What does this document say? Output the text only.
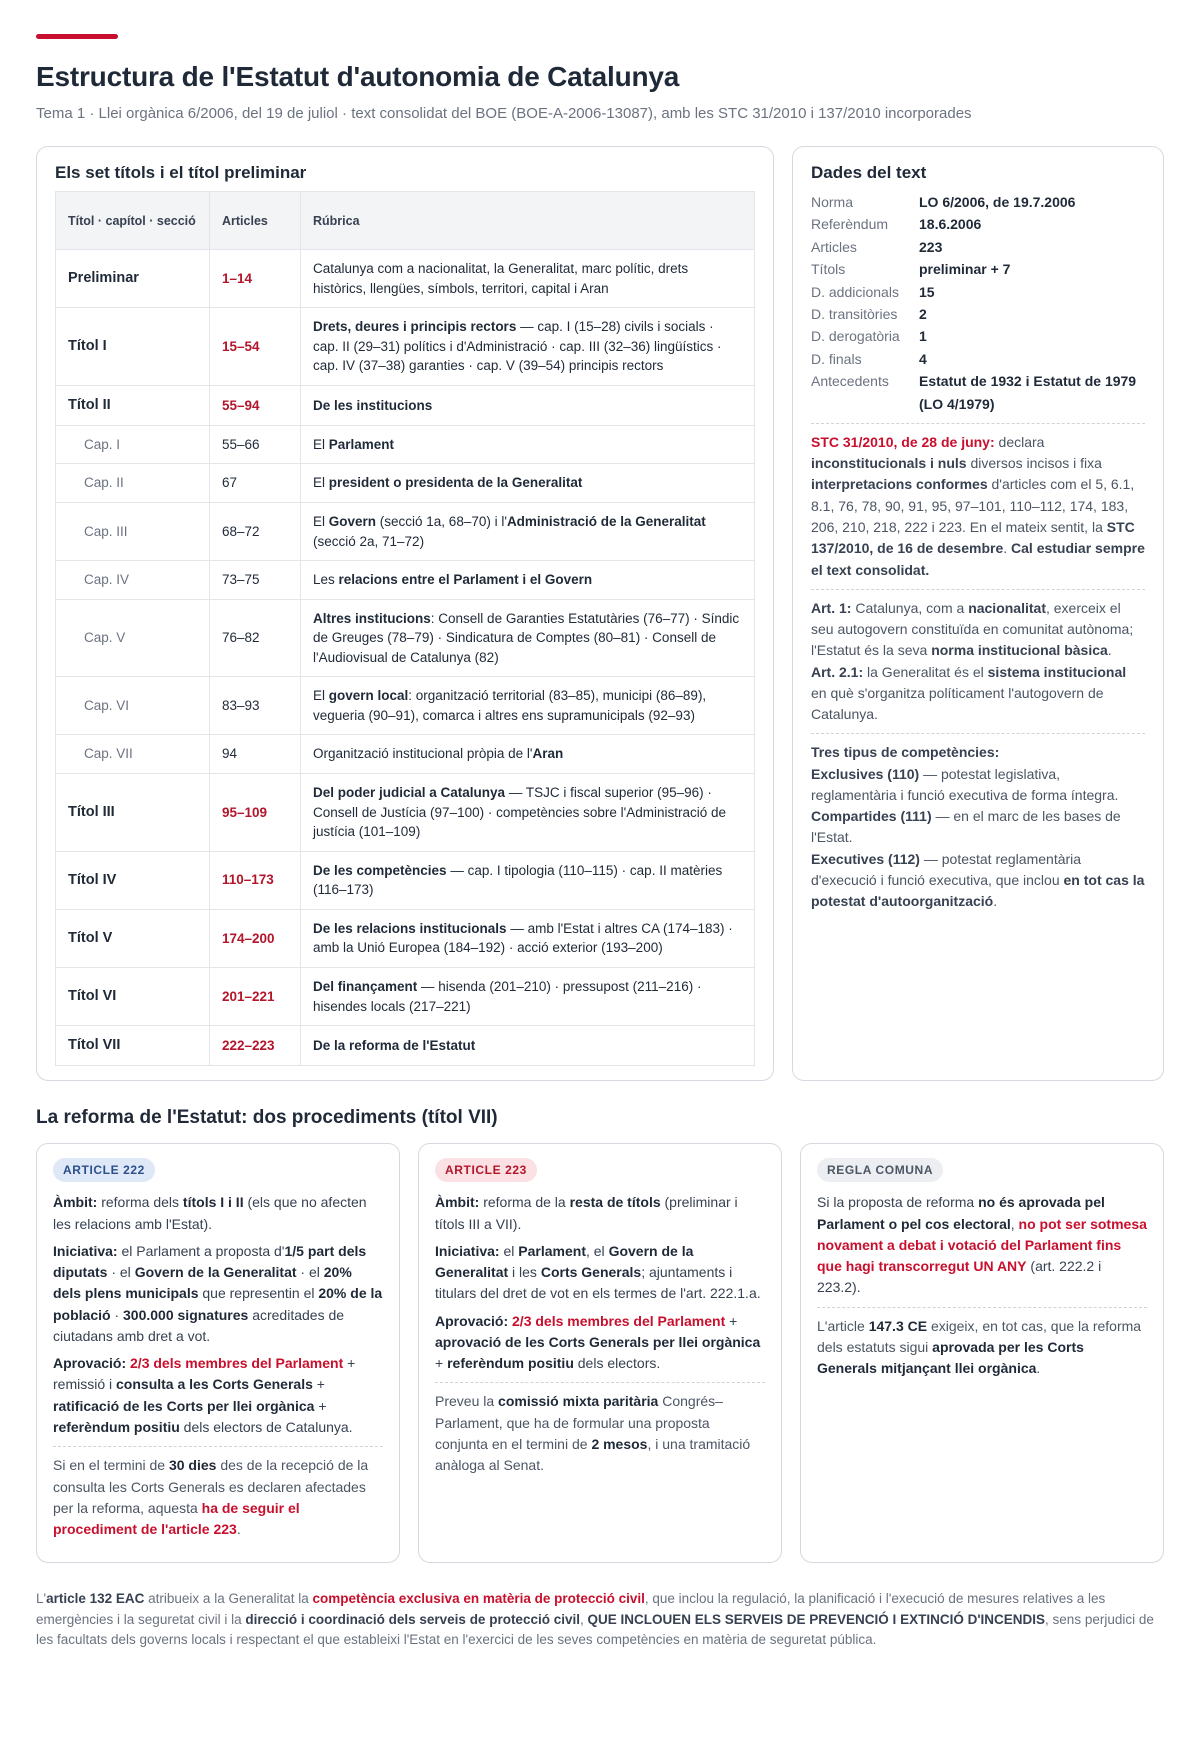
Estructura de l'Estatut d'autonomia de Catalunya
Tema 1 · Llei orgànica 6/2006, del 19 de juliol · text consolidat del BOE (BOE-A-2006-13087), amb les STC 31/2010 i 137/2010 incorporades
Els set títols i el títol preliminar
Títol · capítol · secció	Articles	Rúbrica
Preliminar	1–14	Catalunya com a nacionalitat, la Generalitat, marc polític, drets històrics, llengües, símbols, territori, capital i Aran
Títol I	15–54	Drets, deures i principis rectors — cap. I (15–28) civils i socials · cap. II (29–31) polítics i d'Administració · cap. III (32–36) lingüístics · cap. IV (37–38) garanties · cap. V (39–54) principis rectors
Títol II	55–94	De les institucions
Cap. I	55–66	El Parlament
Cap. II	67	El president o presidenta de la Generalitat
Cap. III	68–72	El Govern (secció 1a, 68–70) i l'Administració de la Generalitat (secció 2a, 71–72)
Cap. IV	73–75	Les relacions entre el Parlament i el Govern
Cap. V	76–82	Altres institucions: Consell de Garanties Estatutàries (76–77) · Síndic de Greuges (78–79) · Sindicatura de Comptes (80–81) · Consell de l'Audiovisual de Catalunya (82)
Cap. VI	83–93	El govern local: organització territorial (83–85), municipi (86–89), vegueria (90–91), comarca i altres ens supramunicipals (92–93)
Cap. VII	94	Organització institucional pròpia de l'Aran
Títol III	95–109	Del poder judicial a Catalunya — TSJC i fiscal superior (95–96) · Consell de Justícia (97–100) · competències sobre l'Administració de justícia (101–109)
Títol IV	110–173	De les competències — cap. I tipologia (110–115) · cap. II matèries (116–173)
Títol V	174–200	De les relacions institucionals — amb l'Estat i altres CA (174–183) · amb la Unió Europea (184–192) · acció exterior (193–200)
Títol VI	201–221	Del finançament — hisenda (201–210) · pressupost (211–216) · hisendes locals (217–221)
Títol VII	222–223	De la reforma de l'Estatut
Dades del text
Norma	LO 6/2006, de 19.7.2006
Referèndum	18.6.2006
Articles	223
Títols	preliminar + 7
D. addicionals	15
D. transitòries	2
D. derogatòria	1
D. finals	4
Antecedents	Estatut de 1932 i Estatut de 1979 (LO 4/1979)
STC 31/2010, de 28 de juny: declara inconstitucionals i nuls diversos incisos i fixa interpretacions conformes d'articles com el 5, 6.1, 8.1, 76, 78, 90, 91, 95, 97–101, 110–112, 174, 183, 206, 210, 218, 222 i 223. En el mateix sentit, la STC 137/2010, de 16 de desembre. Cal estudiar sempre el text consolidat.
Art. 1: Catalunya, com a nacionalitat, exerceix el seu autogovern constituïda en comunitat autònoma; l'Estatut és la seva norma institucional bàsica.
Art. 2.1: la Generalitat és el sistema institucional en què s'organitza políticament l'autogovern de Catalunya.
Tres tipus de competències:
Exclusives (110) — potestat legislativa, reglamentària i funció executiva de forma íntegra.
Compartides (111) — en el marc de les bases de l'Estat.
Executives (112) — potestat reglamentària d'execució i funció executiva, que inclou en tot cas la potestat d'autoorganització.
La reforma de l'Estatut: dos procediments (títol VII)
ARTICLE 222

Àmbit: reforma dels títols I i II (els que no afecten les relacions amb l'Estat).

Iniciativa: el Parlament a proposta d'1/5 part dels diputats · el Govern de la Generalitat · el 20% dels plens municipals que representin el 20% de la població · 300.000 signatures acreditades de ciutadans amb dret a vot.

Aprovació: 2/3 dels membres del Parlament + remissió i consulta a les Corts Generals + ratificació de les Corts per llei orgànica + referèndum positiu dels electors de Catalunya.

Si en el termini de 30 dies des de la recepció de la consulta les Corts Generals es declaren afectades per la reforma, aquesta ha de seguir el procediment de l'article 223.

ARTICLE 223

Àmbit: reforma de la resta de títols (preliminar i títols III a VII).

Iniciativa: el Parlament, el Govern de la Generalitat i les Corts Generals; ajuntaments i titulars del dret de vot en els termes de l'art. 222.1.a.

Aprovació: 2/3 dels membres del Parlament + aprovació de les Corts Generals per llei orgànica + referèndum positiu dels electors.

Preveu la comissió mixta paritària Congrés–Parlament, que ha de formular una proposta conjunta en el termini de 2 mesos, i una tramitació anàloga al Senat.

REGLA COMUNA

Si la proposta de reforma no és aprovada pel Parlament o pel cos electoral, no pot ser sotmesa novament a debat i votació del Parlament fins que hagi transcorregut UN ANY (art. 222.2 i 223.2).

L'article 147.3 CE exigeix, en tot cas, que la reforma dels estatuts sigui aprovada per les Corts Generals mitjançant llei orgànica.

L'article 132 EAC atribueix a la Generalitat la competència exclusiva en matèria de protecció civil, que inclou la regulació, la planificació i l'execució de mesures relatives a les emergències i la seguretat civil i la direcció i coordinació dels serveis de protecció civil, QUE INCLOUEN ELS SERVEIS DE PREVENCIÓ I EXTINCIÓ D'INCENDIS, sens perjudici de les facultats dels governs locals i respectant el que estableixi l'Estat en l'exercici de les seves competències en matèria de seguretat pública.
